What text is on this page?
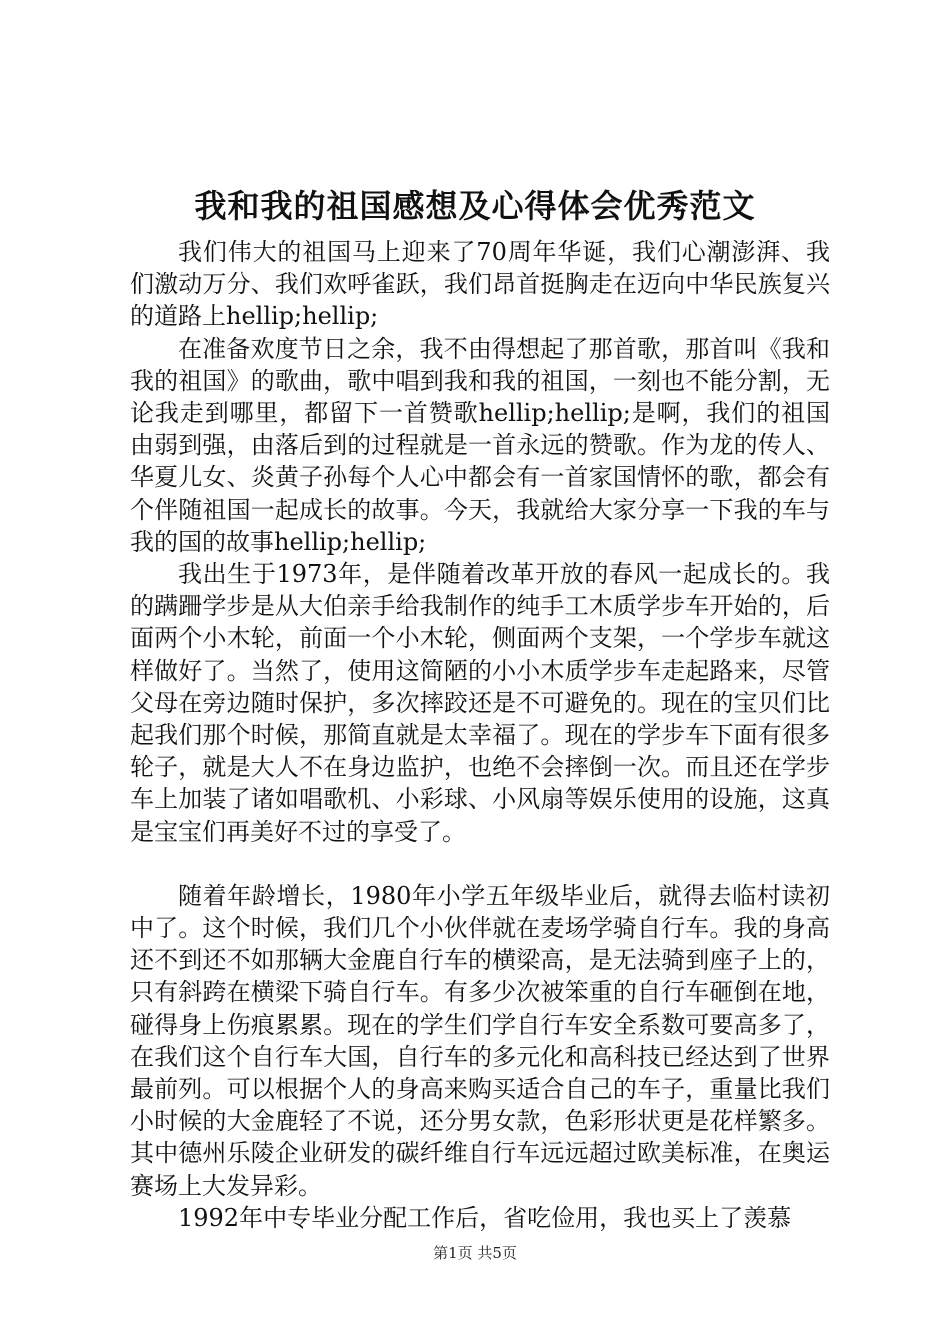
我和我的祖国感想及心得体会优秀范文

我们伟大的祖国马上迎来了70周年华诞，我们心潮澎湃、我们激动万分、我们欢呼雀跃，我们昂首挺胸走在迈向中华民族复兴的道路上hellip;hellip;

在准备欢度节日之余，我不由得想起了那首歌，那首叫《我和我的祖国》的歌曲，歌中唱到我和我的祖国，一刻也不能分割，无论我走到哪里，都留下一首赞歌hellip;hellip;是啊，我们的祖国由弱到强，由落后到的过程就是一首永远的赞歌。作为龙的传人、华夏儿女、炎黄子孙每个人心中都会有一首家国情怀的歌，都会有个伴随祖国一起成长的故事。今天，我就给大家分享一下我的车与我的国的故事hellip;hellip;

我出生于1973年，是伴随着改革开放的春风一起成长的。我的蹒跚学步是从大伯亲手给我制作的纯手工木质学步车开始的，后面两个小木轮，前面一个小木轮，侧面两个支架，一个学步车就这样做好了。当然了，使用这简陋的小小木质学步车走起路来，尽管父母在旁边随时保护，多次摔跤还是不可避免的。现在的宝贝们比起我们那个时候，那简直就是太幸福了。现在的学步车下面有很多轮子，就是大人不在身边监护，也绝不会摔倒一次。而且还在学步车上加装了诸如唱歌机、小彩球、小风扇等娱乐使用的设施，这真是宝宝们再美好不过的享受了。

随着年龄增长，1980年小学五年级毕业后，就得去临村读初中了。这个时候，我们几个小伙伴就在麦场学骑自行车。我的身高还不到还不如那辆大金鹿自行车的横梁高，是无法骑到座子上的，只有斜跨在横梁下骑自行车。有多少次被笨重的自行车砸倒在地，碰得身上伤痕累累。现在的学生们学自行车安全系数可要高多了，在我们这个自行车大国，自行车的多元化和高科技已经达到了世界最前列。可以根据个人的身高来购买适合自己的车子，重量比我们小时候的大金鹿轻了不说，还分男女款，色彩形状更是花样繁多。其中德州乐陵企业研发的碳纤维自行车远远超过欧美标准，在奥运赛场上大发异彩。

1992年中专毕业分配工作后，省吃俭用，我也买上了羡慕

第1页 共5页
